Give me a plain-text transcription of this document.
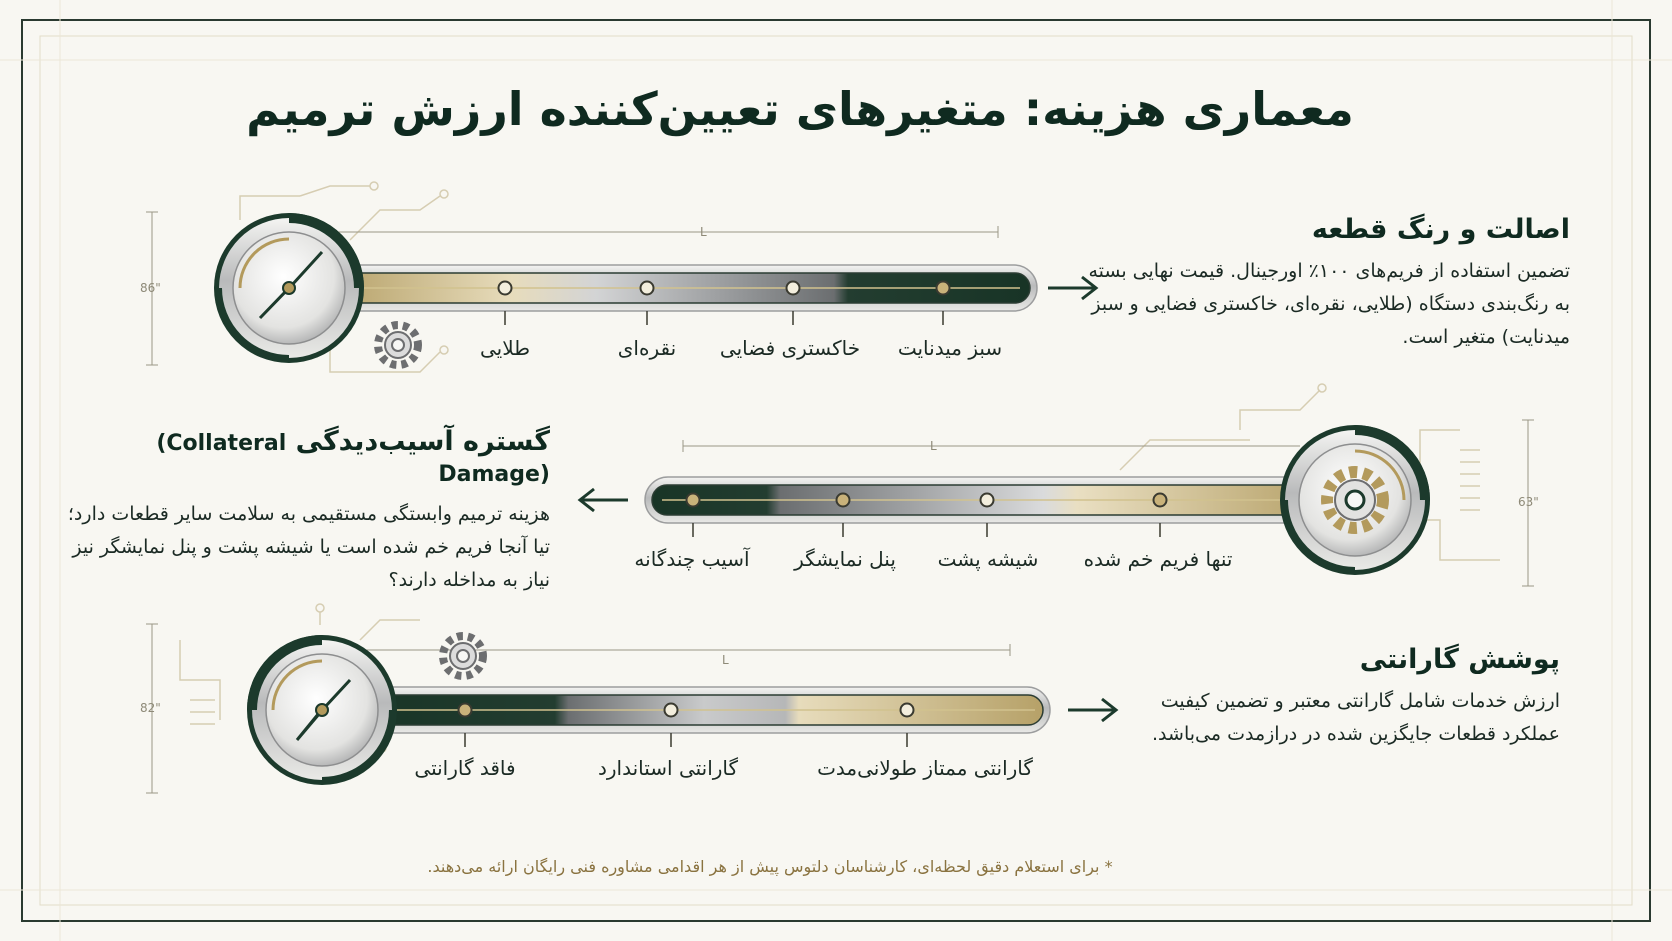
86"
L
طلایی	نقره‌ای خاکستری فضایی سبز میدنایت
63"
L
تنها فریم خم شده
شیشه پشت
پنل نمایشگر
آسیب چندگانه
82"
L
فاقد گارانتی	گارانتی استاندارد	گارانتی ممتاز طولانی‌مدت
معماری هزینه: متغیرهای تعیین‌کننده ارزش ترمیم
اصالت و رنگ قطعه

تضمین استفاده از فریم‌های ۱۰۰٪ اورجینال. قیمت نهایی بسته به رنگ‌بندی دستگاه (طلایی، نقره‌ای، خاکستری فضایی و سبز میدنایت) متغیر است.

گستره آسیب‌دیدگی (Collateral Damage)

هزینه ترمیم وابستگی مستقیمی به سلامت سایر قطعات دارد؛ تیا آنجا فریم خم شده است یا شیشه پشت و پنل نمایشگر نیز نیاز به مداخله دارند؟

پوشش گارانتی

ارزش خدمات شامل گارانتی معتبر و تضمین کیفیت عملکرد قطعات جایگزین شده در درازمدت می‌باشد.

* برای استعلام دقیق لحظه‌ای، کارشناسان دلتوس پیش از هر اقدامی مشاوره فنی رایگان ارائه می‌دهند.
